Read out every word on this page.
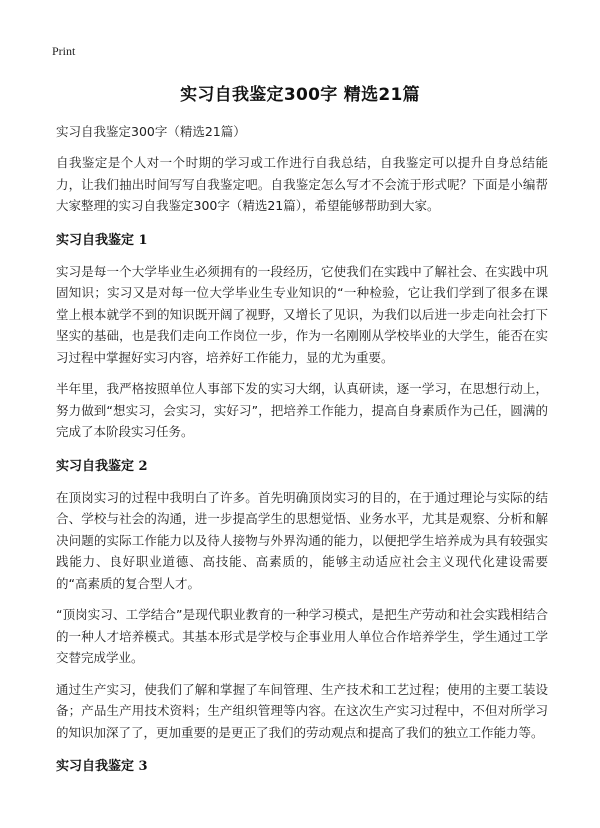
Print
实习自我鉴定300字 精选21篇
实习自我鉴定300字（精选21篇）

自我鉴定是个人对一个时期的学习或工作进行自我总结，自我鉴定可以提升自身总结能力，让我们抽出时间写写自我鉴定吧。自我鉴定怎么写才不会流于形式呢？下面是小编帮大家整理的实习自我鉴定300字（精选21篇），希望能够帮助到大家。

实习自我鉴定 1

实习是每一个大学毕业生必须拥有的一段经历，它使我们在实践中了解社会、在实践中巩固知识；实习又是对每一位大学毕业生专业知识的“一种检验，它让我们学到了很多在课堂上根本就学不到的知识既开阔了视野，又增长了见识，为我们以后进一步走向社会打下坚实的基础，也是我们走向工作岗位一步，作为一名刚刚从学校毕业的大学生，能否在实习过程中掌握好实习内容，培养好工作能力，显的尤为重要。

半年里，我严格按照单位人事部下发的实习大纲，认真研读，逐一学习，在思想行动上，努力做到“想实习，会实习，实好习”，把培养工作能力，提高自身素质作为己任，圆满的完成了本阶段实习任务。

实习自我鉴定 2

在顶岗实习的过程中我明白了许多。首先明确顶岗实习的目的，在于通过理论与实际的结合、学校与社会的沟通，进一步提高学生的思想觉悟、业务水平，尤其是观察、分析和解决问题的实际工作能力以及待人接物与外界沟通的能力，以便把学生培养成为具有较强实践能力、良好职业道德、高技能、高素质的，能够主动适应社会主义现代化建设需要的“高素质的复合型人才。

“顶岗实习、工学结合”是现代职业教育的一种学习模式，是把生产劳动和社会实践相结合的一种人才培养模式。其基本形式是学校与企事业用人单位合作培养学生，学生通过工学交替完成学业。

通过生产实习，使我们了解和掌握了车间管理、生产技术和工艺过程；使用的主要工装设备；产品生产用技术资料；生产组织管理等内容。在这次生产实习过程中，不但对所学习的知识加深了了，更加重要的是更正了我们的劳动观点和提高了我们的独立工作能力等。

实习自我鉴定 3
